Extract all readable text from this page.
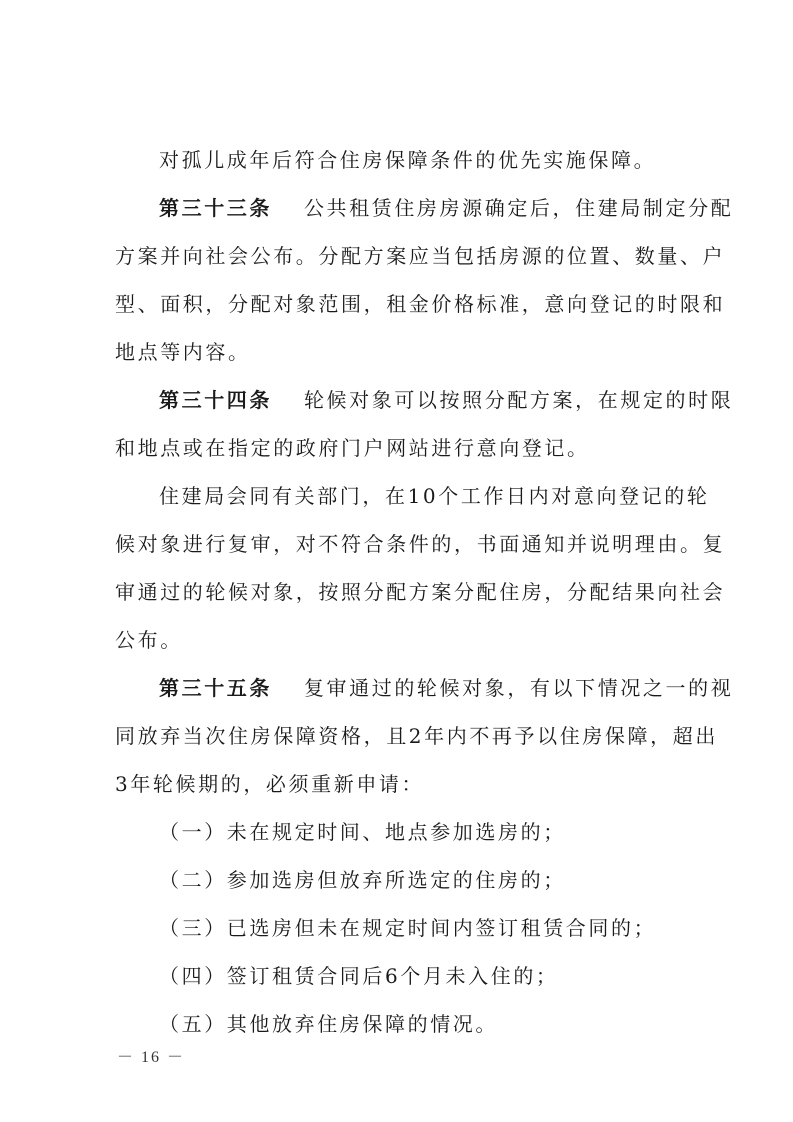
对孤儿成年后符合住房保障条件的优先实施保障。
第三十三条 公共租赁住房房源确定后，住建局制定分配
方案并向社会公布。分配方案应当包括房源的位置、数量、户
型、面积，分配对象范围，租金价格标准，意向登记的时限和
地点等内容。
第三十四条 轮候对象可以按照分配方案，在规定的时限
和地点或在指定的政府门户网站进行意向登记。
住建局会同有关部门，在10个工作日内对意向登记的轮
候对象进行复审，对不符合条件的，书面通知并说明理由。复
审通过的轮候对象，按照分配方案分配住房，分配结果向社会
公布。
第三十五条 复审通过的轮候对象，有以下情况之一的视
同放弃当次住房保障资格，且2年内不再予以住房保障，超出
3年轮候期的，必须重新申请：
（一）未在规定时间、地点参加选房的；
（二）参加选房但放弃所选定的住房的；
（三）已选房但未在规定时间内签订租赁合同的；
（四）签订租赁合同后6个月未入住的；
（五）其他放弃住房保障的情况。
－ 16 －
